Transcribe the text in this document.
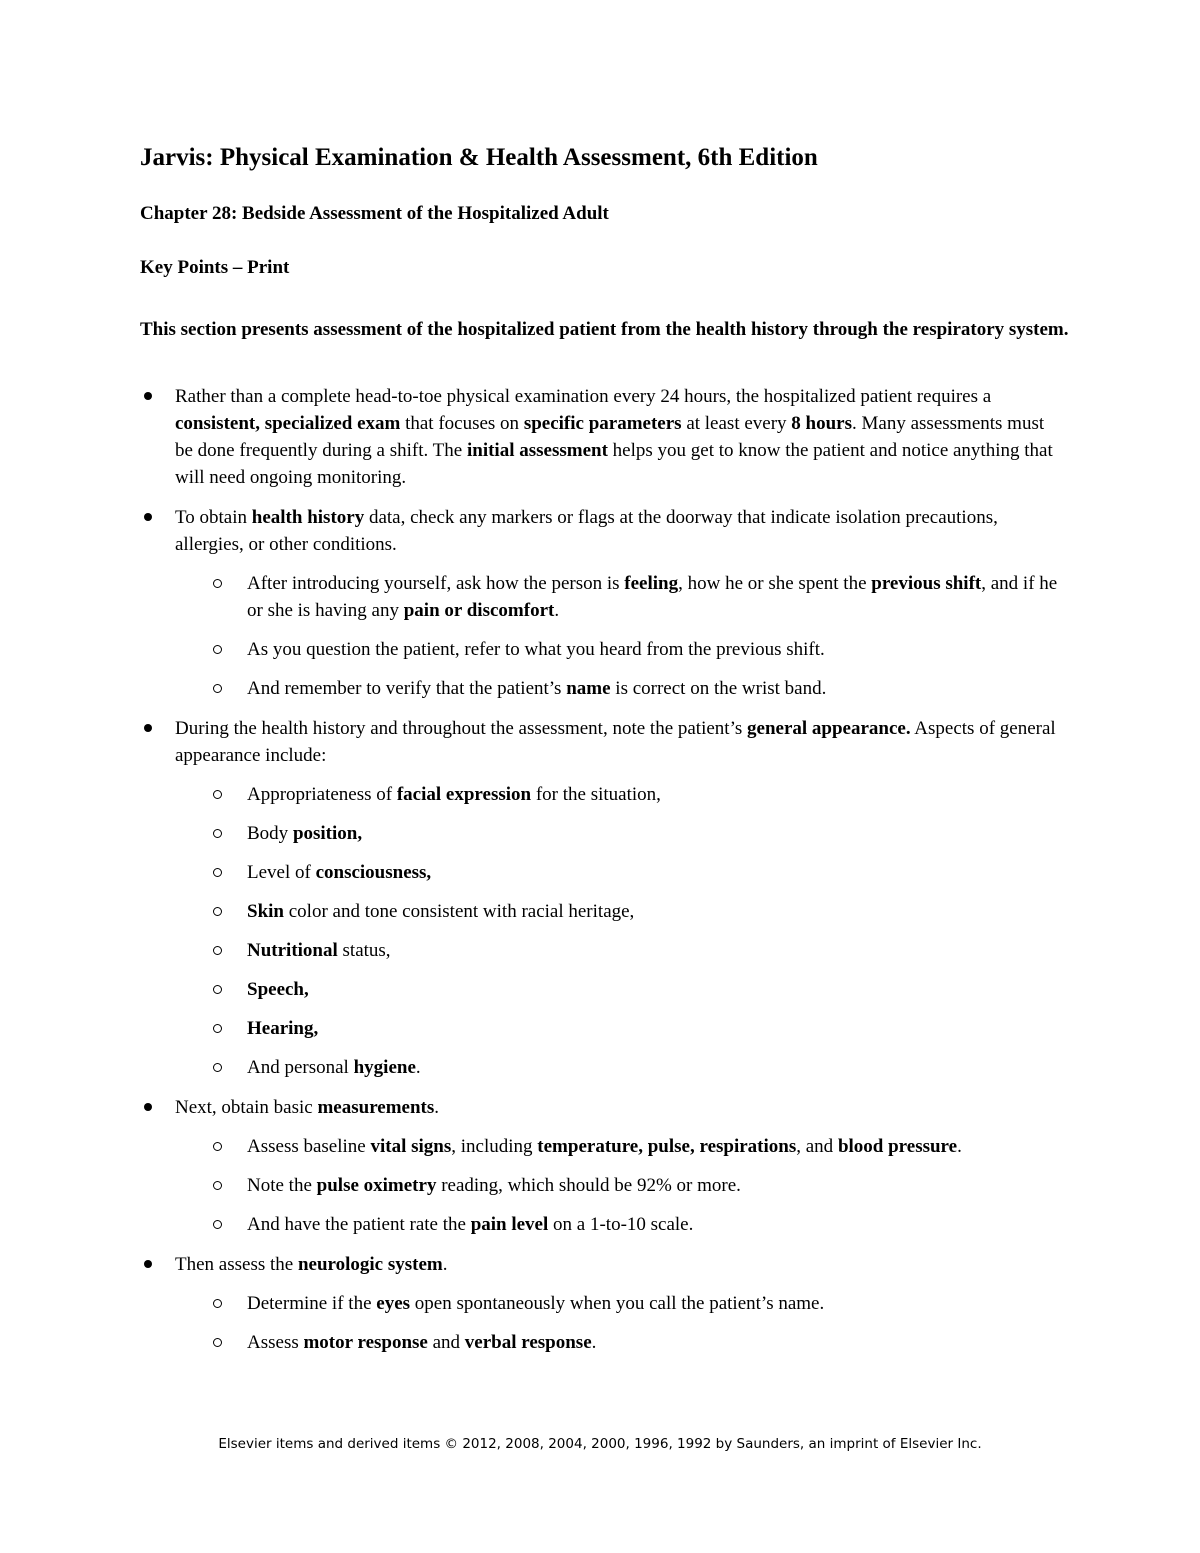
Jarvis: Physical Examination & Health Assessment, 6th Edition
Chapter 28: Bedside Assessment of the Hospitalized Adult
Key Points – Print

This section presents assessment of the hospitalized patient from the health history through the respiratory system.

Rather than a complete head-to-toe physical examination every 24 hours, the hospitalized patient requires a consistent, specialized exam that focuses on specific parameters at least every 8 hours. Many assessments must be done frequently during a shift. The initial assessment helps you get to know the patient and notice anything that will need ongoing monitoring.
To obtain health history data, check any markers or flags at the doorway that indicate isolation precautions, allergies, or other conditions.
After introducing yourself, ask how the person is feeling, how he or she spent the previous shift, and if he or she is having any pain or discomfort.
As you question the patient, refer to what you heard from the previous shift.
And remember to verify that the patient’s name is correct on the wrist band.
During the health history and throughout the assessment, note the patient’s general appearance. Aspects of general appearance include:
Appropriateness of facial expression for the situation,
Body position,
Level of consciousness,
Skin color and tone consistent with racial heritage,
Nutritional status,
Speech,
Hearing,
And personal hygiene.
Next, obtain basic measurements.
Assess baseline vital signs, including temperature, pulse, respirations, and blood pressure.
Note the pulse oximetry reading, which should be 92% or more.
And have the patient rate the pain level on a 1-to-10 scale.
Then assess the neurologic system.
Determine if the eyes open spontaneously when you call the patient’s name.
Assess motor response and verbal response.
Elsevier items and derived items © 2012, 2008, 2004, 2000, 1996, 1992 by Saunders, an imprint of Elsevier Inc.
